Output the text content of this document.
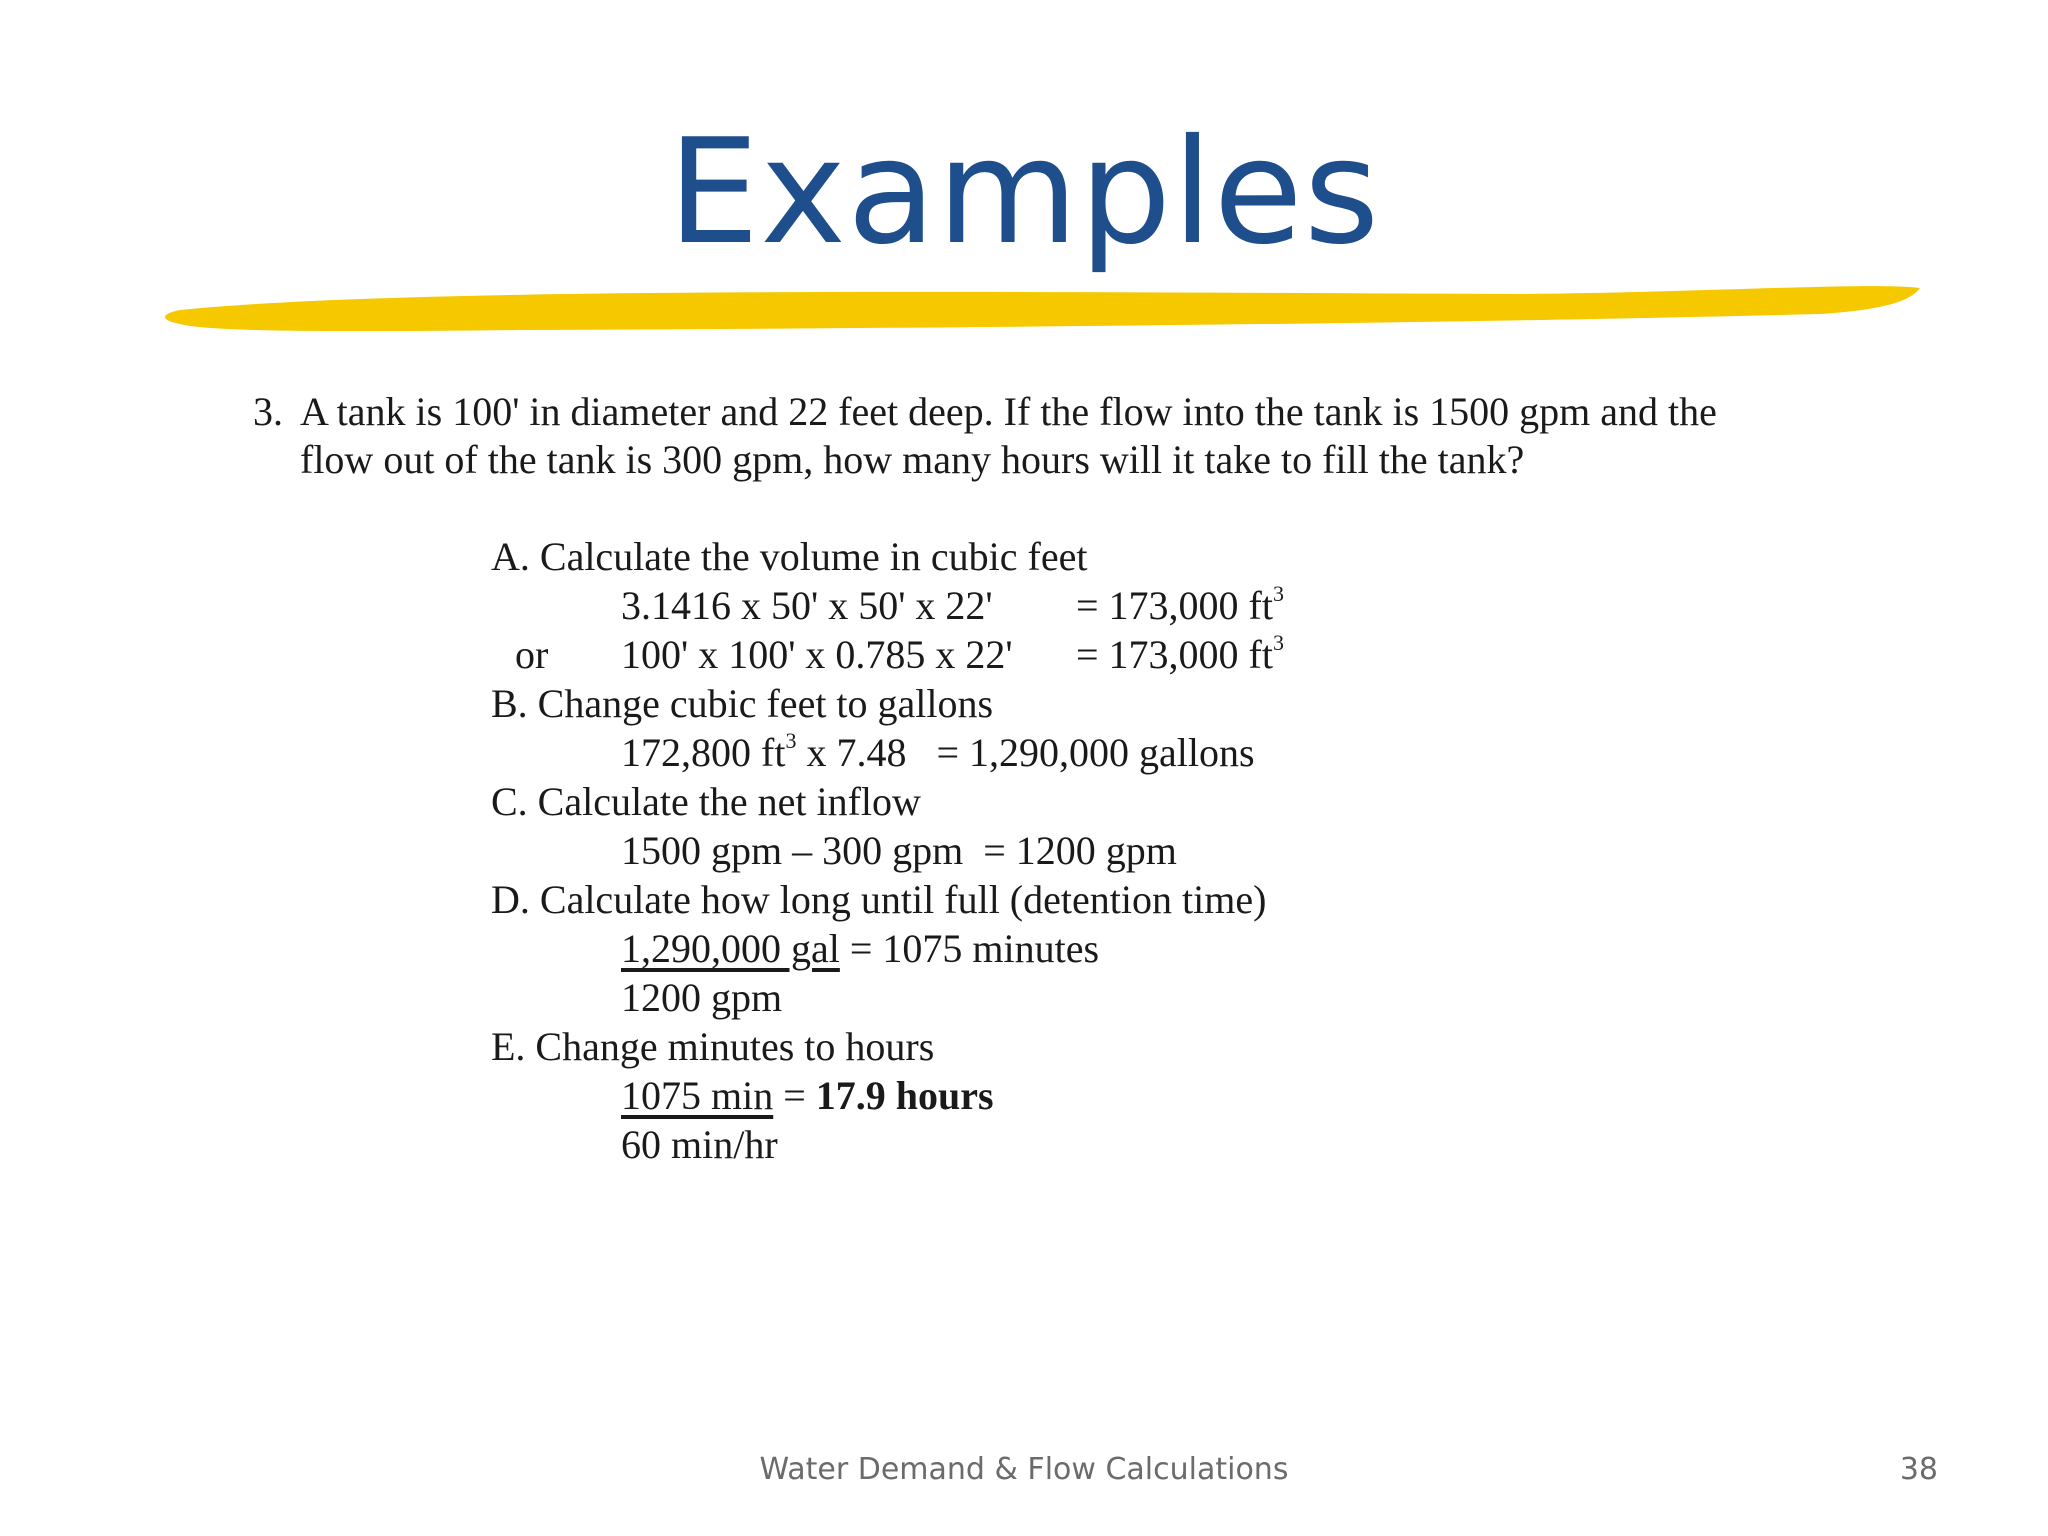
Examples
3. A tank is 100' in diameter and 22 feet deep. If the flow into the tank is 1500 gpm and the
flow out of the tank is 300 gpm, how many hours will it take to fill the tank?
A. Calculate the volume in cubic feet
3.1416 x 50' x 50' x 22' = 173,000 $ft^3$
or 100' x 100' x 0.785 x 22' = 173,000 $ft^3$
B. Change cubic feet to gallons
172,800 $ft^3$ x 7.48   = 1,290,000 gallons
C. Calculate the net inflow
1500 gpm – 300 gpm  = 1200 gpm
D. Calculate how long until full (detention time)
1,290,000 gal = 1075 minutes
1200 gpm
E. Change minutes to hours
1075 min = 17.9 hours
60 min/hr
Water Demand & Flow Calculations	38
